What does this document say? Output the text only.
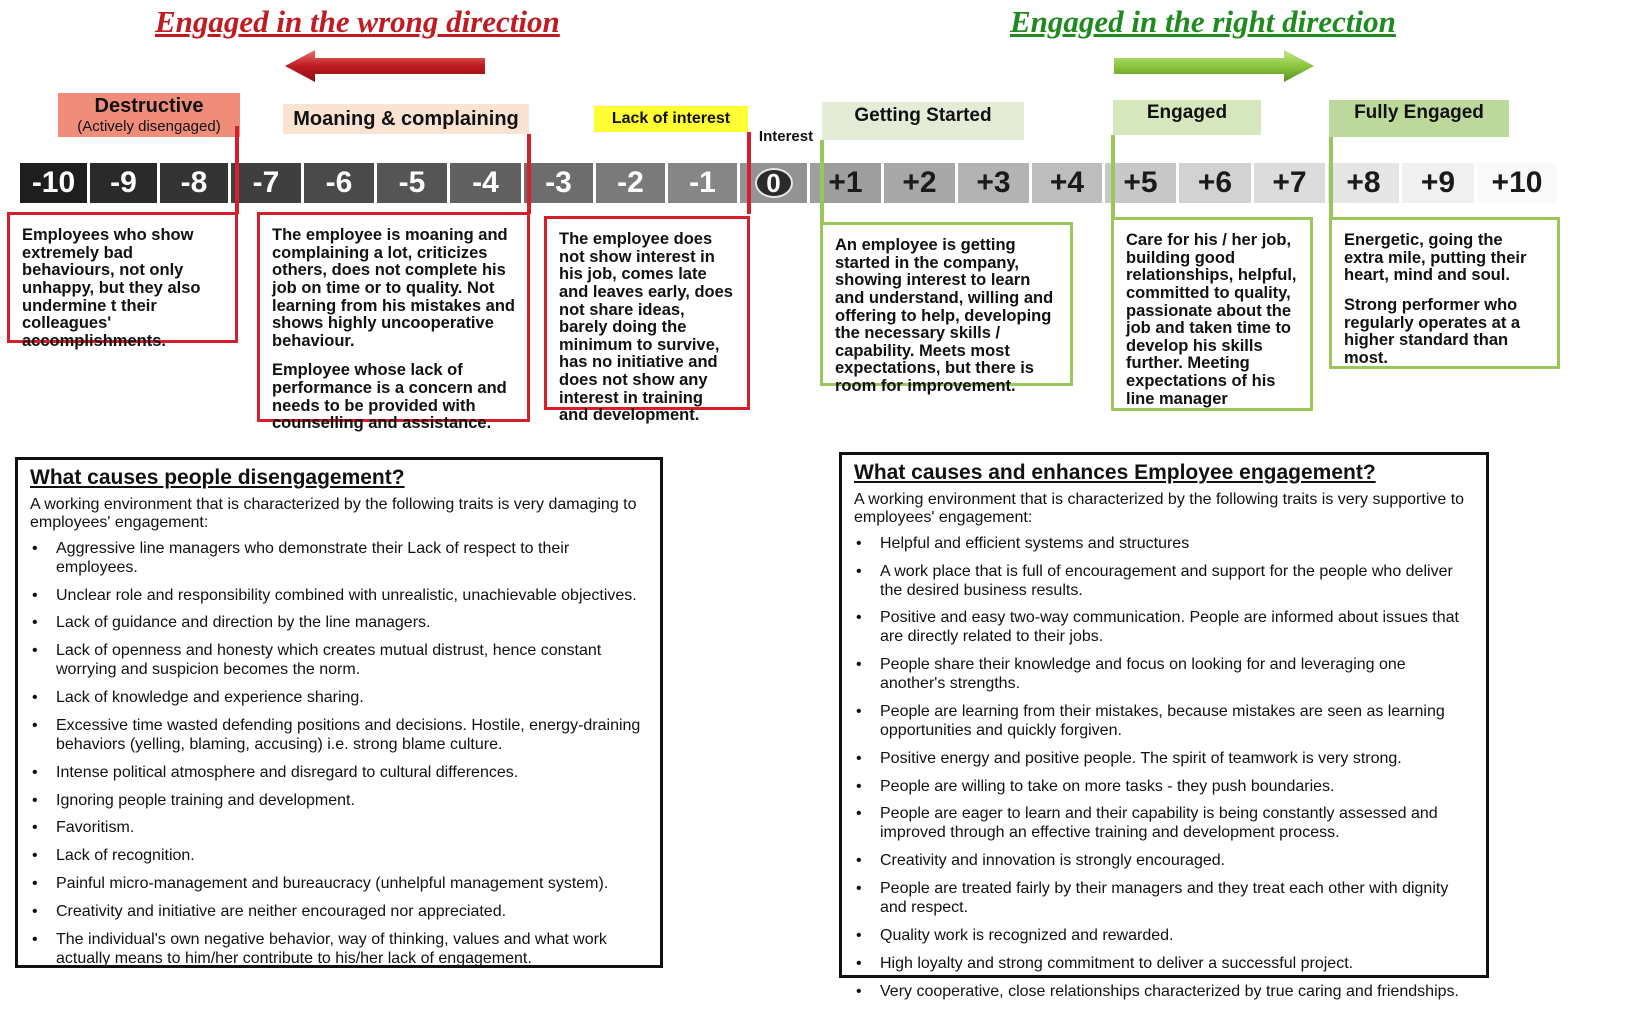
Engaged in the wrong direction	Engaged in the right direction
Destructive
(Actively disengaged)	Moaning & complaining	Lack of interest
Interest
Getting Started	Engaged	Fully Engaged
-10	-9	-8	-7	-6	-5	-4	-3	-2	-1	0	+1	+2	+3	+4	+5	+6	+7	+8	+9	+10

Employees who show extremely bad behaviours, not only unhappy, but they also undermine t their colleagues' accomplishments.

The employee is moaning and complaining a lot, criticizes others, does not complete his job on time or to quality. Not learning from his mistakes and shows highly uncooperative behaviour.

Employee whose lack of performance is a concern and needs to be provided with counselling and assistance.

The employee does not show interest in his job, comes late and leaves early, does not share ideas, barely doing the minimum to survive, has no initiative and does not show any interest in training and development.

An employee is getting started in the company, showing interest to learn and understand, willing and offering to help, developing the necessary skills / capability. Meets most expectations, but there is room for improvement.

Care for his / her job, building good relationships, helpful, committed to quality, passionate about the job and taken time to develop his skills further. Meeting expectations of his line manager

Energetic, going the extra mile, putting their heart, mind and soul.

Strong performer who regularly operates at a higher standard than most.

What causes people disengagement?

A working environment that is characterized by the following traits is very damaging to employees' engagement:

• Aggressive line managers who demonstrate their Lack of respect to their employees.
• Unclear role and responsibility combined with unrealistic, unachievable objectives.
• Lack of guidance and direction by the line managers.
• Lack of openness and honesty which creates mutual distrust, hence constant worrying and suspicion becomes the norm.
• Lack of knowledge and experience sharing.
• Excessive time wasted defending positions and decisions. Hostile, energy-draining behaviors (yelling, blaming, accusing) i.e. strong blame culture.
• Intense political atmosphere and disregard to cultural differences.
• Ignoring people training and development.
• Favoritism.
• Lack of recognition.
• Painful micro-management and bureaucracy (unhelpful management system).
• Creativity and initiative are neither encouraged nor appreciated.
• The individual's own negative behavior, way of thinking, values and what work actually means to him/her contribute to his/her lack of engagement.
What causes and enhances Employee engagement?

A working environment that is characterized by the following traits is very supportive to employees' engagement:

• Helpful and efficient systems and structures
• A work place that is full of encouragement and support for the people who deliver the desired business results.
• Positive and easy two-way communication. People are informed about issues that are directly related to their jobs.
• People share their knowledge and focus on looking for and leveraging one another's strengths.
• People are learning from their mistakes, because mistakes are seen as learning opportunities and quickly forgiven.
• Positive energy and positive people. The spirit of teamwork is very strong.
• People are willing to take on more tasks - they push boundaries.
• People are eager to learn and their capability is being constantly assessed and improved through an effective training and development process.
• Creativity and innovation is strongly encouraged.
• People are treated fairly by their managers and they treat each other with dignity and respect.
• Quality work is recognized and rewarded.
• High loyalty and strong commitment to deliver a successful project.
• Very cooperative, close relationships characterized by true caring and friendships.
